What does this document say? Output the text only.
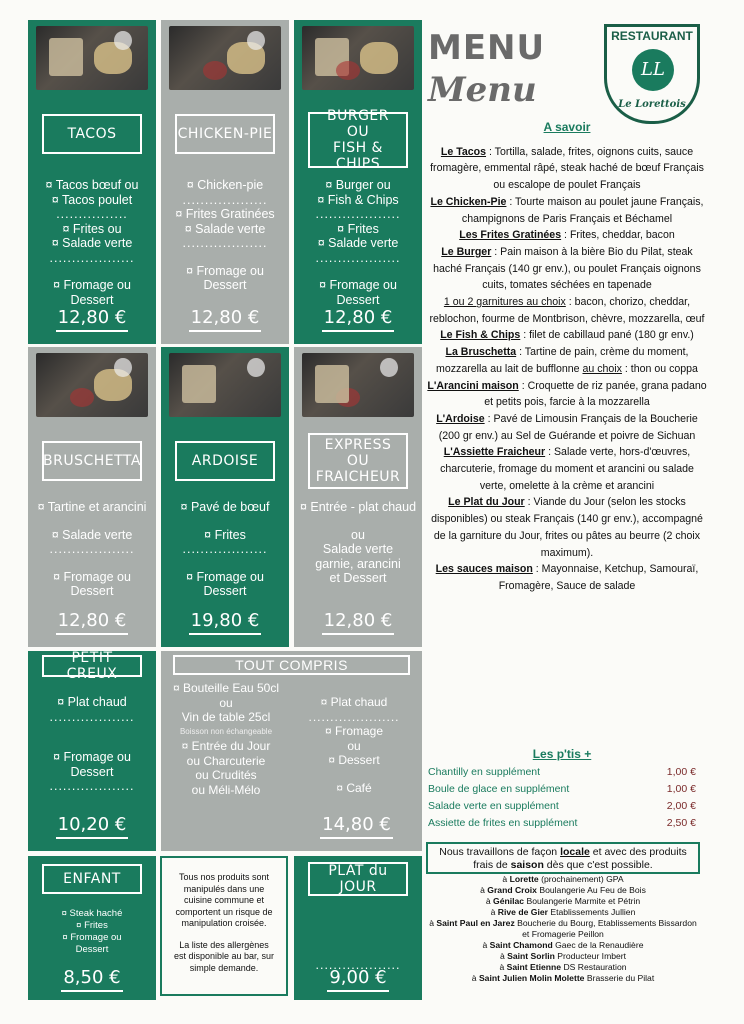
TACOS
¤ Tacos bœuf ou
¤ Tacos poulet
................
¤ Frites ou
¤ Salade verte
...................
¤ Fromage ou
Dessert
12,80 €
CHICKEN-PIE
¤ Chicken-pie
...................
¤ Frites Gratinées
¤ Salade verte
...................
¤ Fromage ou
Dessert
12,80 €
BURGER
OU
FISH & CHIPS
¤ Burger ou
¤ Fish & Chips
...................
¤ Frites
¤ Salade verte
...................
¤ Fromage ou
Dessert
12,80 €
BRUSCHETTA
¤ Tartine et arancini
¤ Salade verte
...................
¤ Fromage ou
Dessert
12,80 €
ARDOISE
¤ Pavé de bœuf
¤ Frites
...................
¤ Fromage ou
Dessert
19,80 €
EXPRESS
OU
FRAICHEUR
¤ Entrée - plat chaud
ou
Salade verte
garnie, arancini
et Dessert
12,80 €
PETIT CREUX
¤ Plat chaud
...................
¤ Fromage ou
Dessert
...................
10,20 €
TOUT COMPRIS
¤ Bouteille Eau 50cl
ou
Vin de table 25cl
Boisson non échangeable
¤ Entrée du Jour
ou Charcuterie
ou Crudités
ou Méli-Mélo
¤ Plat chaud
.....................
¤ Fromage
ou
¤ Dessert
¤ Café
14,80 €
ENFANT
¤ Steak haché
¤ Frites
¤ Fromage ou
Dessert
8,50 €

Tous nos produits sont manipulés dans une cuisine commune et comportent un risque de manipulation croisée.

La liste des allergènes est disponible au bar, sur simple demande.

PLAT du JOUR
...................
9,00 €
MENU
Menu
RESTAURANT
LL
Le Lorettois
A savoir
Le Tacos : Tortilla, salade, frites, oignons cuits, sauce fromagère, emmental râpé, steak haché de bœuf Français ou escalope de poulet Français
Le Chicken-Pie : Tourte maison au poulet jaune Français, champignons de Paris Français et Béchamel
Les Frites Gratinées : Frites, cheddar, bacon
Le Burger : Pain maison à la bière Bio du Pilat, steak haché Français (140 gr env.), ou poulet Français oignons cuits, tomates séchées en tapenade
1 ou 2 garnitures au choix : bacon, chorizo, cheddar, reblochon, fourme de Montbrison, chèvre, mozzarella, œuf
Le Fish & Chips : filet de cabillaud pané (180 gr env.)
La Bruschetta : Tartine de pain, crème du moment, mozzarella au lait de bufflonne au choix : thon ou coppa
L'Arancini maison : Croquette de riz panée, grana padano et petits pois, farcie à la mozzarella
L'Ardoise : Pavé de Limousin Français de la Boucherie (200 gr env.) au Sel de Guérande et poivre de Sichuan
L'Assiette Fraicheur : Salade verte, hors-d'œuvres, charcuterie, fromage du moment et arancini ou salade verte, omelette à la crème et arancini
Le Plat du Jour : Viande du Jour (selon les stocks disponibles) ou steak Français (140 gr env.), accompagné de la garniture du Jour, frites ou pâtes au beurre (2 choix maximum).
Les sauces maison : Mayonnaise, Ketchup, Samouraï, Fromagère, Sauce de salade
Les p'tis +
Chantilly en supplément	1,00 €
Boule de glace en supplément	1,00 €
Salade verte en supplément	2,00 €
Assiette de frites en supplément	2,50 €
Nous travaillons de façon locale et avec des produits frais de saison dès que c'est possible.
à Lorette (prochainement) GPA
à Grand Croix Boulangerie Au Feu de Bois
à Génilac Boulangerie Marmite et Pétrin
à Rive de Gier Etablissements Jullien
à Saint Paul en Jarez Boucherie du Bourg, Etablissements Bissardon et Fromagerie Peillon
à Saint Chamond Gaec de la Renaudière
à Saint Sorlin Producteur Imbert
à Saint Etienne DS Restauration
à Saint Julien Molin Molette Brasserie du Pilat
